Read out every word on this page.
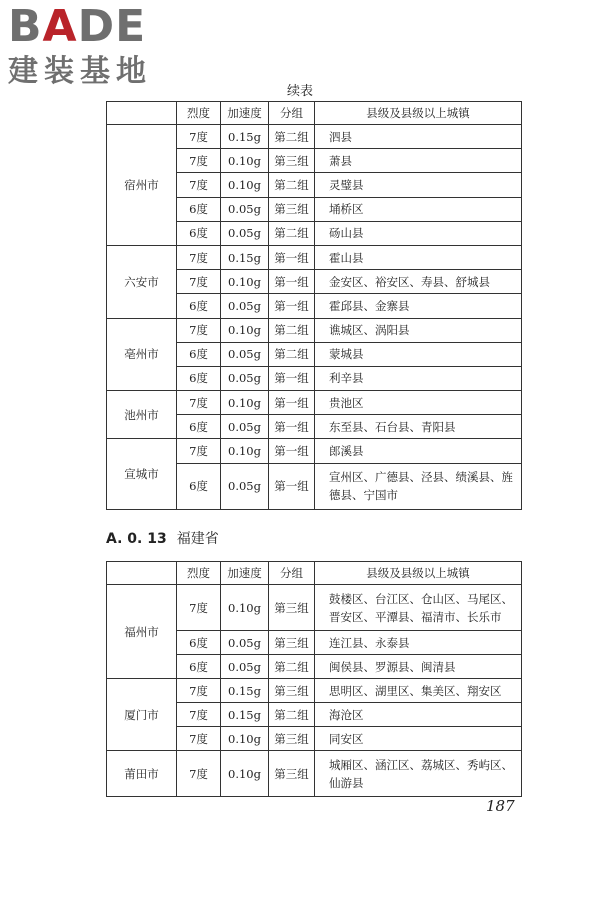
BADE
建装基地
续表
	烈度	加速度	分组	县级及县级以上城镇
宿州市	7度	0.15g	第二组	泗县
	7度	0.10g	第三组	萧县
	7度	0.10g	第二组	灵璧县
	6度	0.05g	第三组	埇桥区
	6度	0.05g	第二组	砀山县
六安市	7度	0.15g	第一组	霍山县
	7度	0.10g	第一组	金安区、裕安区、寿县、舒城县
	6度	0.05g	第一组	霍邱县、金寨县
亳州市	7度	0.10g	第二组	谯城区、涡阳县
	6度	0.05g	第二组	蒙城县
	6度	0.05g	第一组	利辛县
池州市	7度	0.10g	第一组	贵池区
	6度	0.05g	第一组	东至县、石台县、青阳县
宣城市	7度	0.10g	第一组	郎溪县
	6度	0.05g	第一组	宣州区、广德县、泾县、绩溪县、旌德县、宁国市
A. 0. 13 福建省
	烈度	加速度	分组	县级及县级以上城镇
福州市	7度	0.10g	第三组	鼓楼区、台江区、仓山区、马尾区、晋安区、平潭县、福清市、长乐市
	6度	0.05g	第三组	连江县、永泰县
	6度	0.05g	第二组	闽侯县、罗源县、闽清县
厦门市	7度	0.15g	第三组	思明区、湖里区、集美区、翔安区
	7度	0.15g	第二组	海沧区
	7度	0.10g	第三组	同安区
莆田市	7度	0.10g	第三组	城厢区、涵江区、荔城区、秀屿区、仙游县
187
